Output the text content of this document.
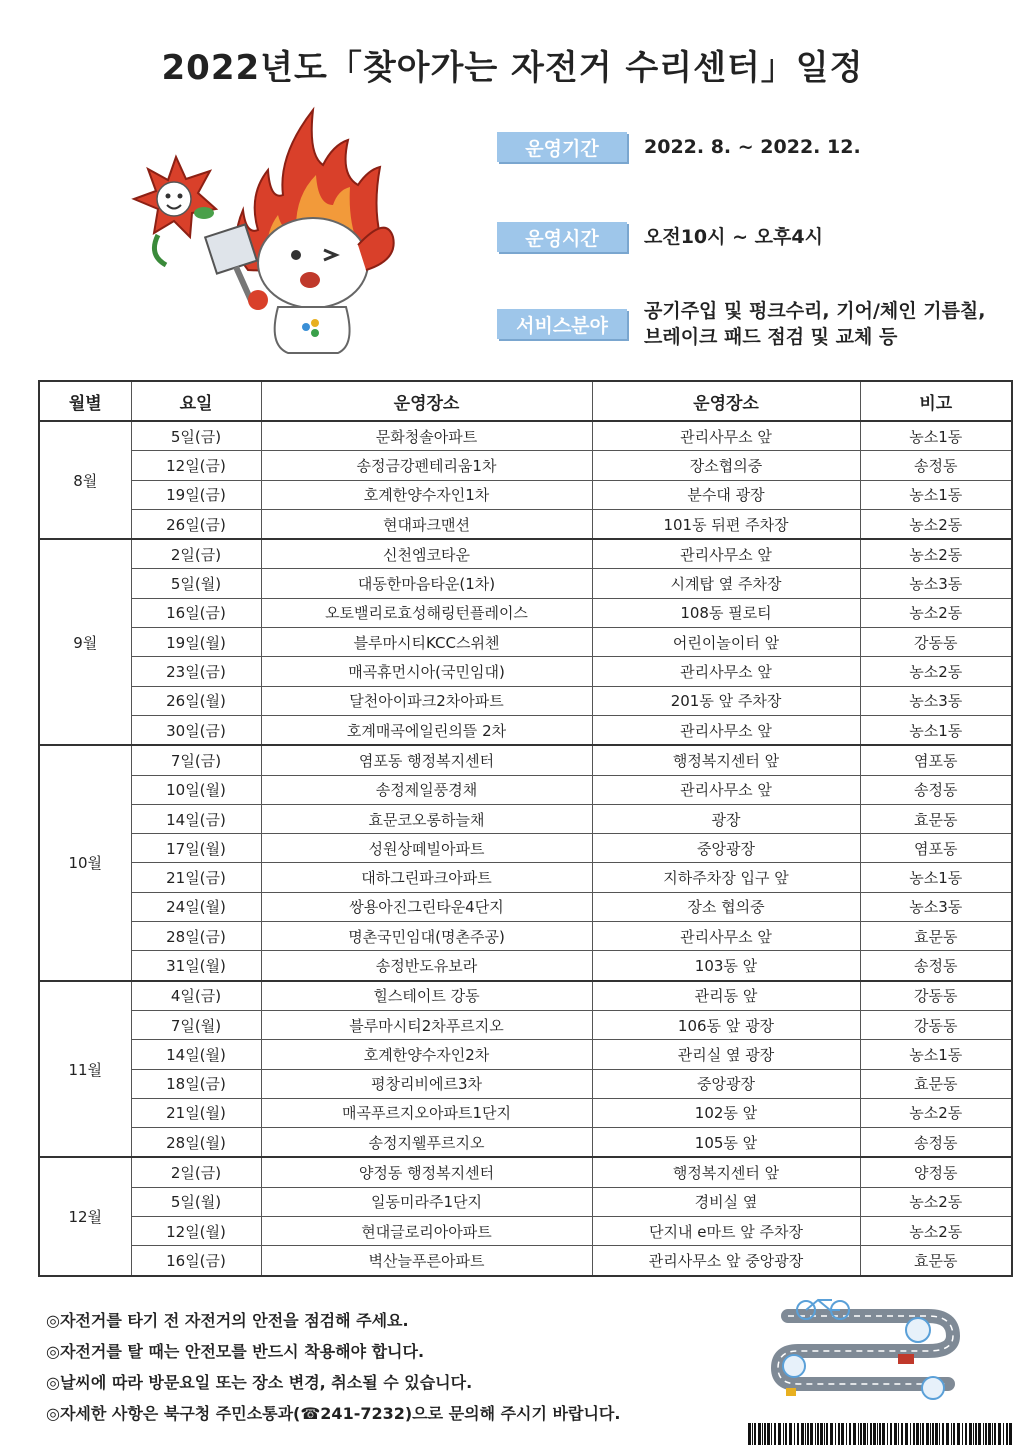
2022년도「찾아가는 자전거 수리센터」일정
운영기간	2022. 8. ~ 2022. 12.
운영시간	오전10시 ~ 오후4시
서비스분야
공기주입 및 펑크수리, 기어/체인 기름칠,
브레이크 패드 점검 및 교체 등
월별	요일	운영장소	운영장소	비고
8월	5일(금)	문화청솔아파트	관리사무소 앞	농소1동
	12일(금)	송정금강펜테리움1차	장소협의중	송정동
	19일(금)	호계한양수자인1차	분수대 광장	농소1동
	26일(금)	현대파크맨션	101동 뒤편 주차장	농소2동
9월	2일(금)	신천엠코타운	관리사무소 앞	농소2동
	5일(월)	대동한마음타운(1차)	시계탑 옆 주차장	농소3동
	16일(금)	오토밸리로효성해링턴플레이스	108동 필로티	농소2동
	19일(월)	블루마시티KCC스위첸	어린이놀이터 앞	강동동
	23일(금)	매곡휴먼시아(국민임대)	관리사무소 앞	농소2동
	26일(월)	달천아이파크2차아파트	201동 앞 주차장	농소3동
	30일(금)	호계매곡에일린의뜰 2차	관리사무소 앞	농소1동
10월	7일(금)	염포동 행정복지센터	행정복지센터 앞	염포동
	10일(월)	송정제일풍경채	관리사무소 앞	송정동
	14일(금)	효문코오롱하늘채	광장	효문동
	17일(월)	성원상떼빌아파트	중앙광장	염포동
	21일(금)	대하그린파크아파트	지하주차장 입구 앞	농소1동
	24일(월)	쌍용아진그린타운4단지	장소 협의중	농소3동
	28일(금)	명촌국민임대(명촌주공)	관리사무소 앞	효문동
	31일(월)	송정반도유보라	103동 앞	송정동
11월	4일(금)	힐스테이트 강동	관리동 앞	강동동
	7일(월)	블루마시티2차푸르지오	106동 앞 광장	강동동
	14일(월)	호계한양수자인2차	관리실 옆 광장	농소1동
	18일(금)	평창리비에르3차	중앙광장	효문동
	21일(월)	매곡푸르지오아파트1단지	102동 앞	농소2동
	28일(월)	송정지웰푸르지오	105동 앞	송정동
12월	2일(금)	양정동 행정복지센터	행정복지센터 앞	양정동
	5일(월)	일동미라주1단지	경비실 옆	농소2동
	12일(월)	현대글로리아아파트	단지내 e마트 앞 주차장	농소2동
	16일(금)	벽산늘푸른아파트	관리사무소 앞 중앙광장	효문동
◎자전거를 타기 전 자전거의 안전을 점검해 주세요.
◎자전거를 탈 때는 안전모를 반드시 착용해야 합니다.
◎날씨에 따라 방문요일 또는 장소 변경, 취소될 수 있습니다.
◎자세한 사항은 북구청 주민소통과(☎241-7232)으로 문의해 주시기 바랍니다.
